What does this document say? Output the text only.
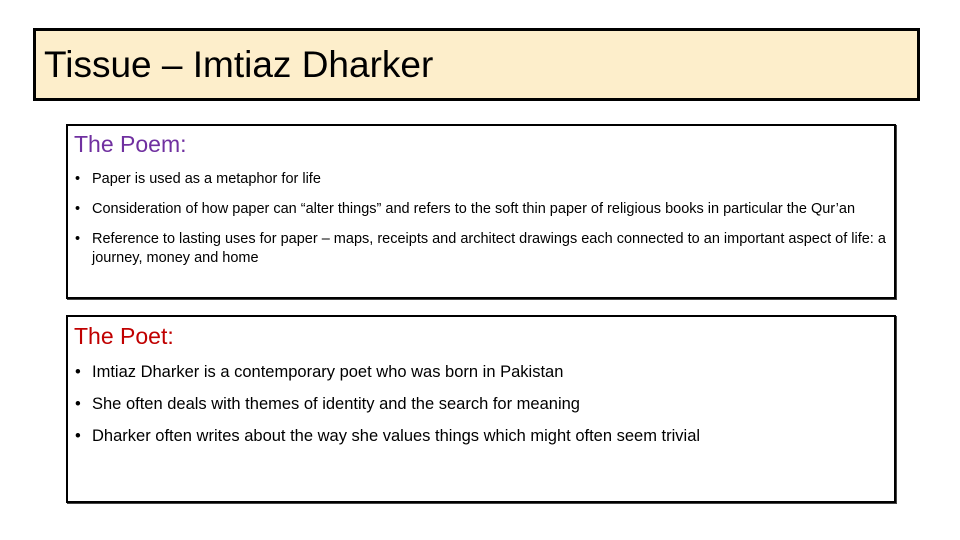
Tissue – Imtiaz Dharker
The Poem:
• Paper is used as a metaphor for life
• Consideration of how paper can “alter things” and refers to the soft thin paper of religious books in particular the Qur’an
• Reference to lasting uses for paper – maps, receipts and architect drawings each connected to an important aspect of life: a journey, money and home
The Poet:
• Imtiaz Dharker is a contemporary poet who was born in Pakistan
• She often deals with themes of identity and the search for meaning
• Dharker often writes about the way she values things which might often seem trivial
